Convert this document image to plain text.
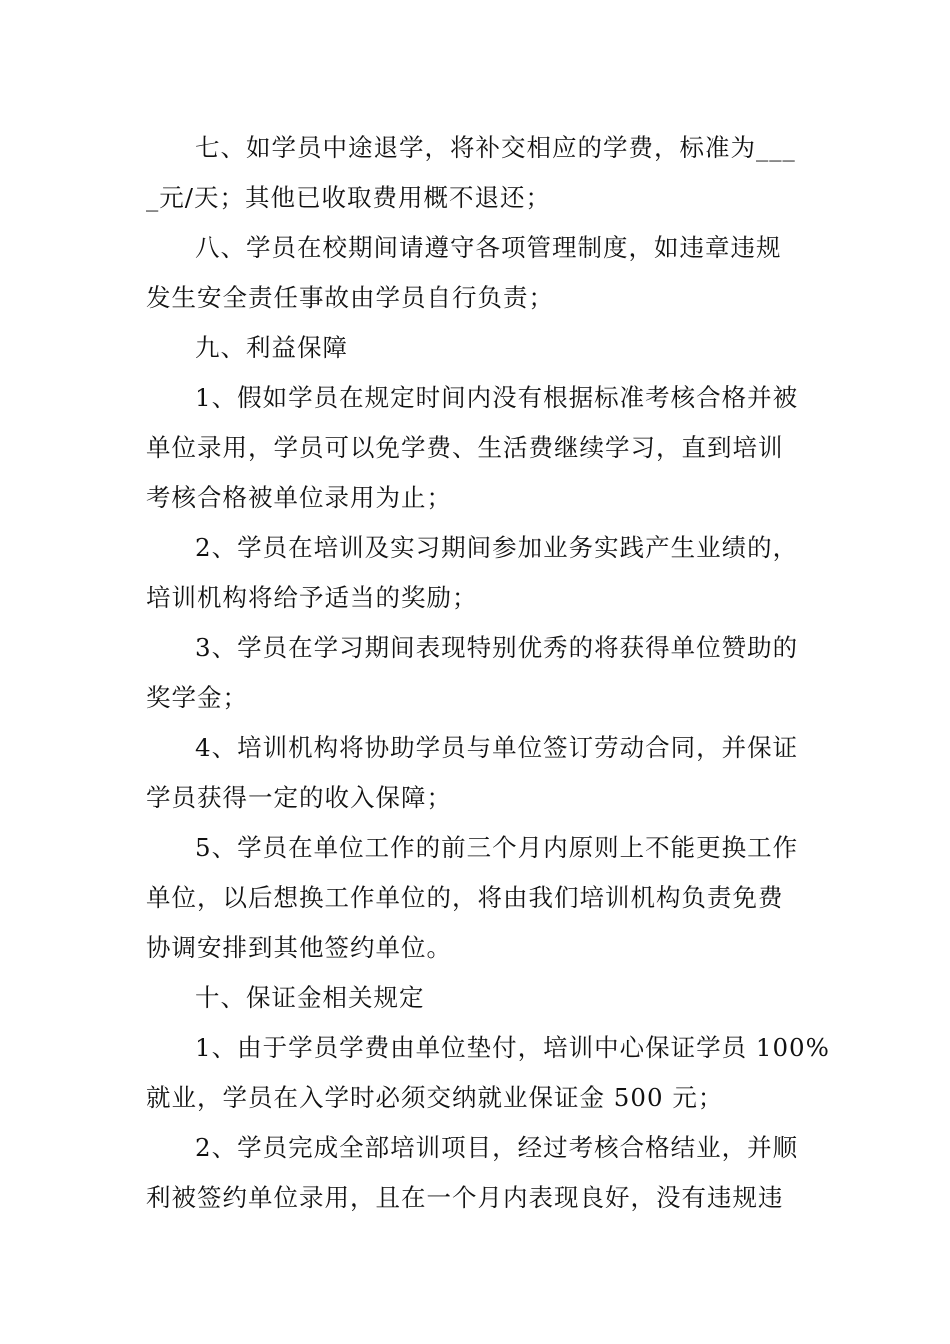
七、如学员中途退学，将补交相应的学费，标准为___
_元/天；其他已收取费用概不退还；
八、学员在校期间请遵守各项管理制度，如违章违规
发生安全责任事故由学员自行负责；
九、利益保障
1、假如学员在规定时间内没有根据标准考核合格并被
单位录用，学员可以免学费、生活费继续学习，直到培训
考核合格被单位录用为止；
2、学员在培训及实习期间参加业务实践产生业绩的，
培训机构将给予适当的奖励；
3、学员在学习期间表现特别优秀的将获得单位赞助的
奖学金；
4、培训机构将协助学员与单位签订劳动合同，并保证
学员获得一定的收入保障；
5、学员在单位工作的前三个月内原则上不能更换工作
单位，以后想换工作单位的，将由我们培训机构负责免费
协调安排到其他签约单位。
十、保证金相关规定
1、由于学员学费由单位垫付，培训中心保证学员 100%
就业，学员在入学时必须交纳就业保证金 500 元；
2、学员完成全部培训项目，经过考核合格结业，并顺
利被签约单位录用，且在一个月内表现良好，没有违规违
